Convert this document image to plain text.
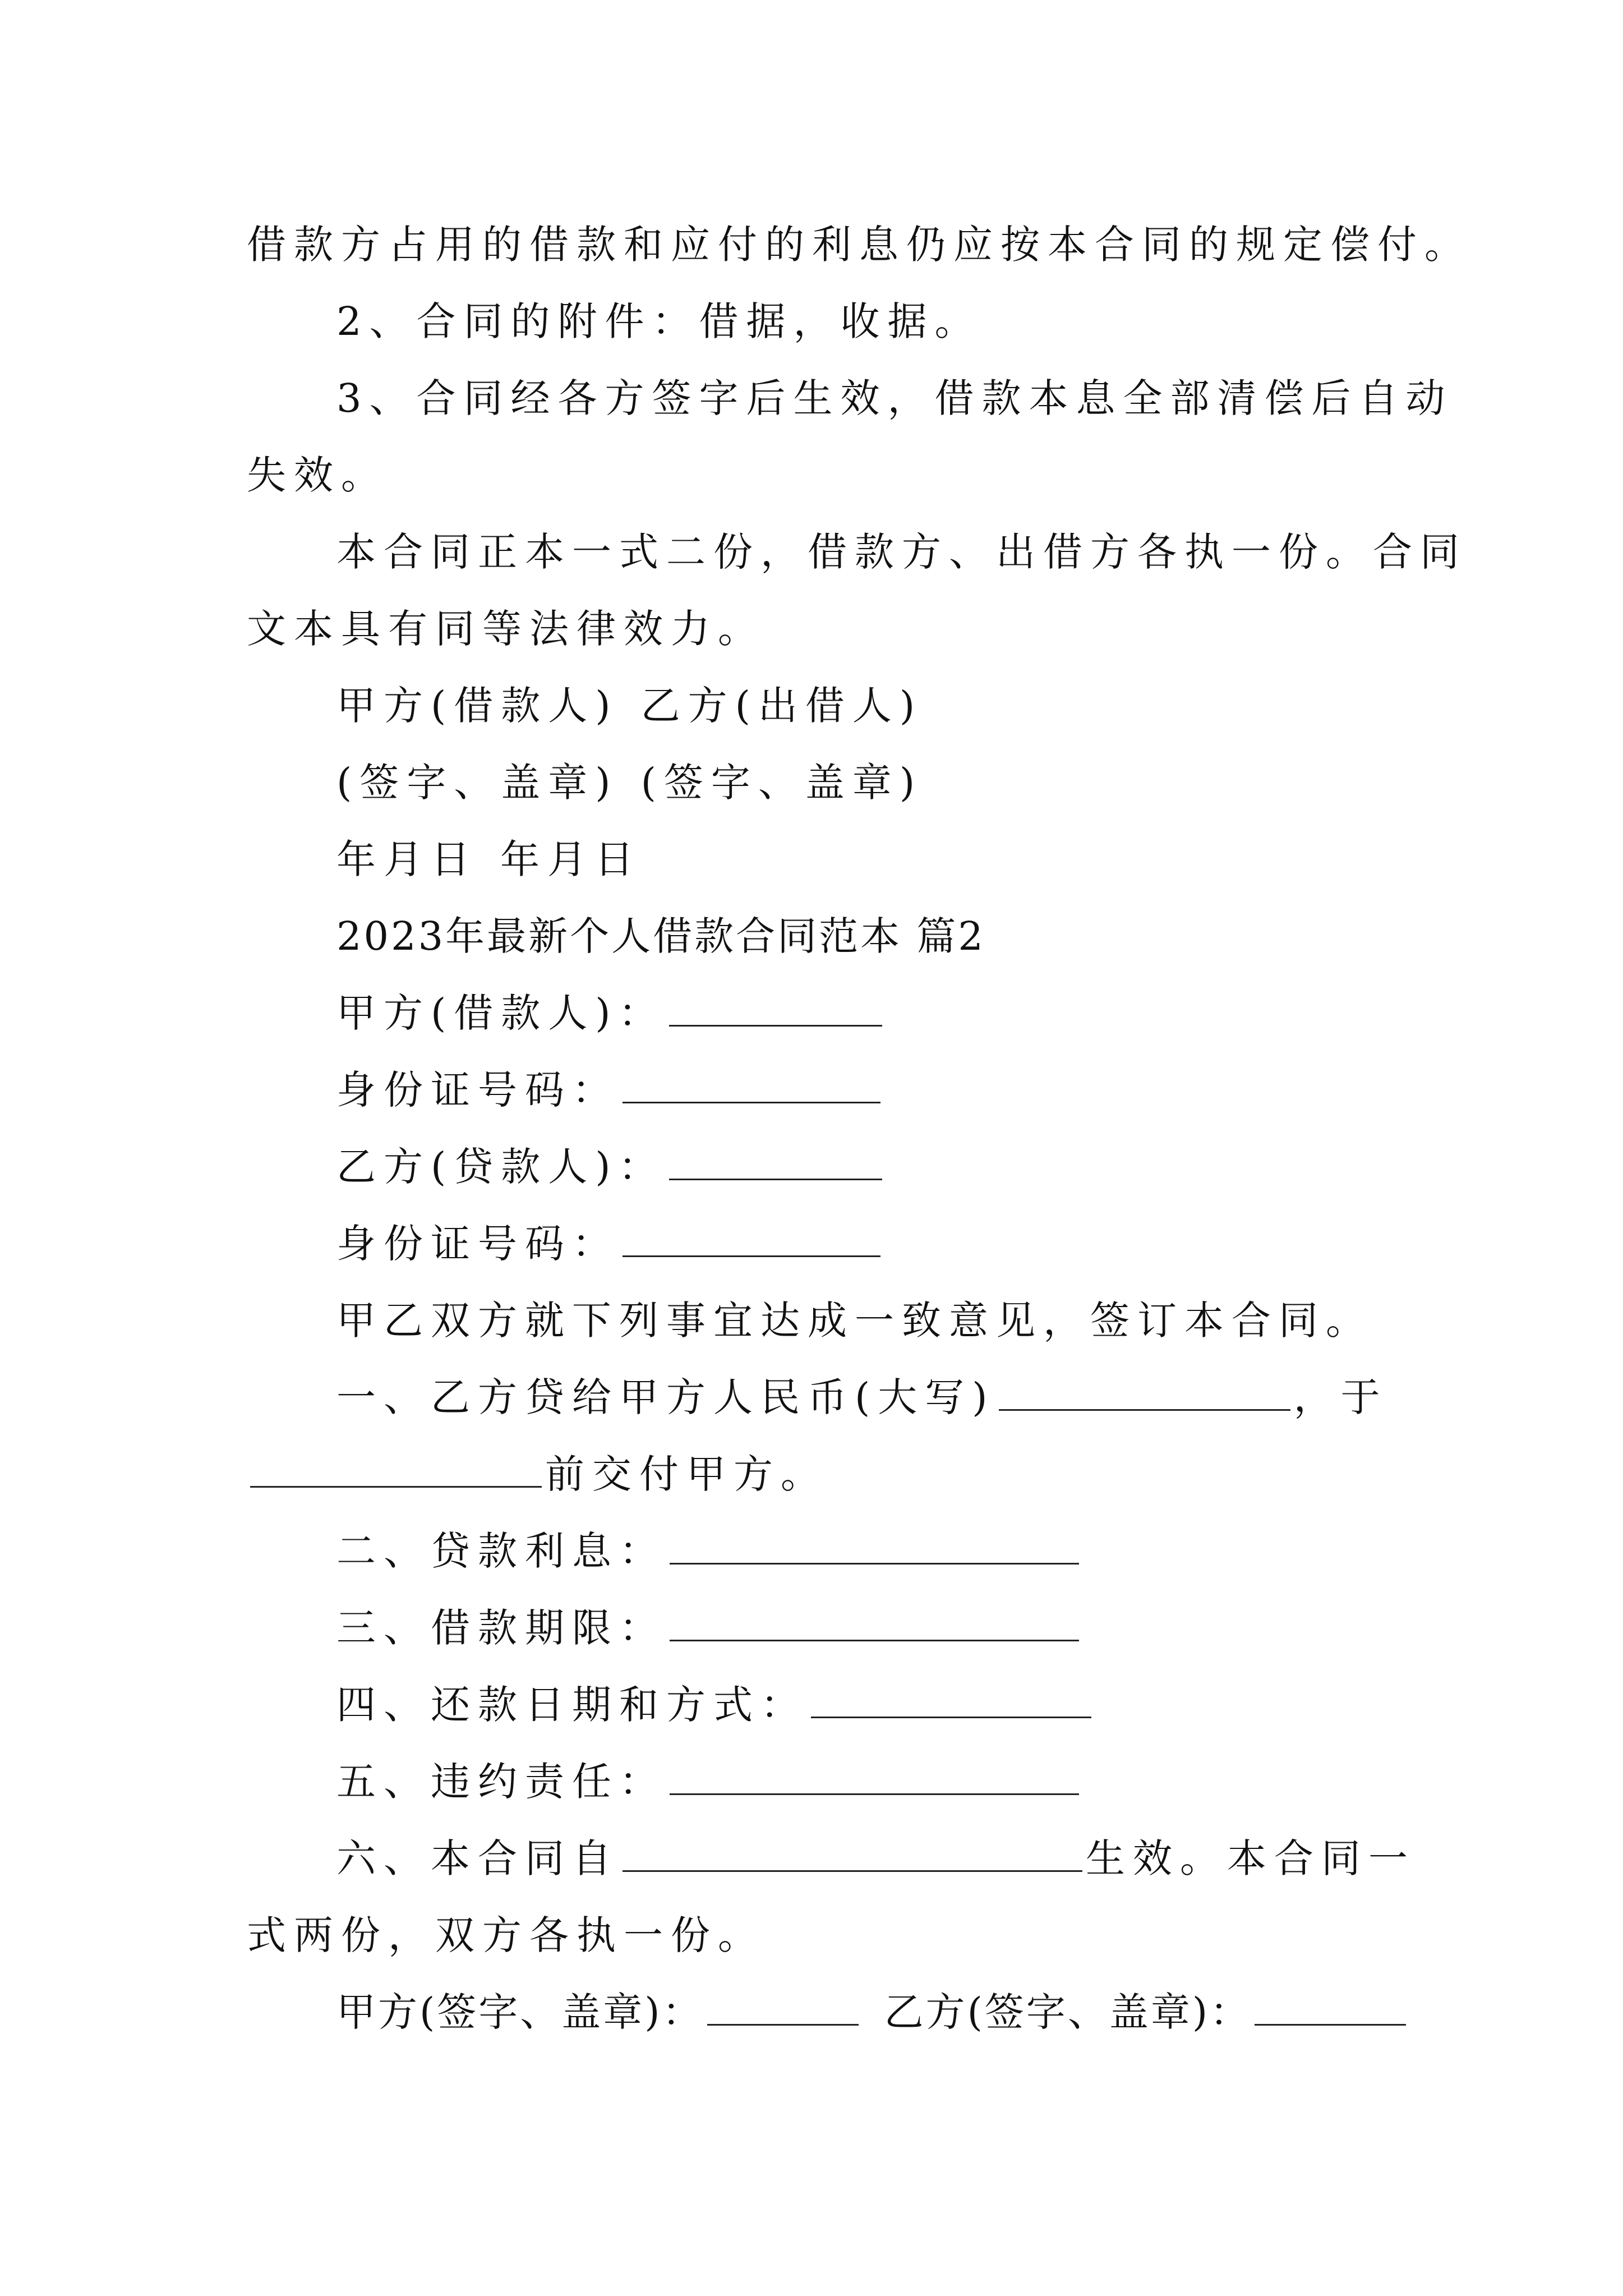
借款方占用的借款和应付的利息仍应按本合同的规定偿付。
2、合同的附件：借据，收据。
3、合同经各方签字后生效，借款本息全部清偿后自动
失效。
本合同正本一式二份，借款方、出借方各执一份。合同
文本具有同等法律效力。
甲方(借款人) 乙方(出借人)
(签字、盖章) (签字、盖章)
年月日 年月日
2023年最新个人借款合同范本 篇2
甲方(借款人)：
身份证号码：
乙方(贷款人)：
身份证号码：
甲乙双方就下列事宜达成一致意见，签订本合同。
一、乙方贷给甲方人民币(大写)	，于
前交付甲方。
二、贷款利息：
三、借款期限：
四、还款日期和方式：
五、违约责任：
六、本合同自	生效。本合同一
式两份，双方各执一份。
甲方(签字、盖章)：	乙方(签字、盖章)：
